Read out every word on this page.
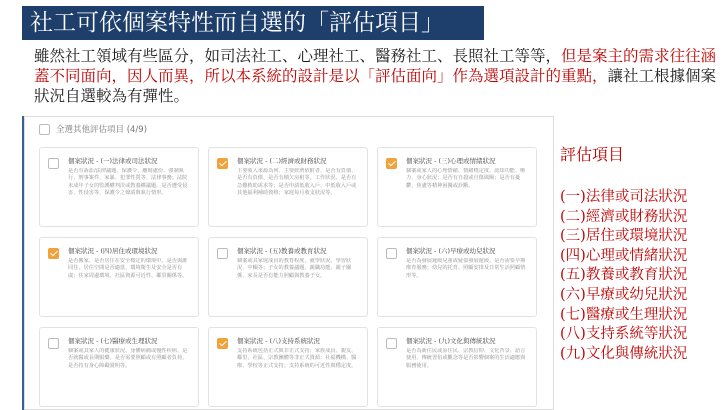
社工可依個案特性而自選的「評估項目」
雖然社工領域有些區分，如司法社工、心理社工、醫務社工、長照社工等等，但是案主的需求往往涵蓋不同面向，因人而異，所以本系統的設計是以「評估面向」作為選項設計的重點，讓社工根據個案狀況自選較為有彈性。
全選其他評估項目 (4/9)
個案狀況 - (一)法律或司法狀況
是否有訴訟/法律議題、保護令、離婚處份、強制執行、刑事案件、家暴、犯罪性質等、法律事務；法院未成年子女的監護權判決或教養權議題。是否遭受侵害、性侵害等、保護令之聲請與執行情形。
個案狀況 - (二)經濟或財務狀況
主要收入來源為何、主要經濟依附者、是否有負債、是否有負債、是否有積欠房租等。工作狀況、是否有急難救助需求等；是否申請低收入戶、中低收入戶或其他福利補助資格；家庭每月收支狀況等。
個案狀況 - (三)心理或情緒狀況
個案或家人的心理情緒、情緒穩定度、認知功能、壓力、身心狀況；是否有自殺或自傷風險；是否有憂鬱、焦慮等精神困擾或診斷。
個案狀況 - (四)居住或環境狀況
是否搬家、是否居住在安全穩定的環境中、是否與誰同住、居住空間是否適當、環境衛生及安全是否有虞；住家周邊環境、社區資源可近性、鄰里關係等。
個案狀況 - (五)教養或教育狀況
個案或其家庭成員的教育程度、就學狀況、學習狀況、中輟等；子女的教養議題、親職功能、親子關係、家長是否有能力照顧與教養子女。
個案狀況 - (六)早療或幼兒狀況
是否為發展遲緩兒童或疑似發展遲緩、是否需要早期療育服務；幼兒的托育、照顧安排及日常生活照顧情形等。
個案狀況 - (七)醫療或生理狀況
個案或其家人的健康狀況、身體病痛或慢性疾病、是否就醫或長期服藥、是否需要照顧或有照顧者負荷、是否持有身心障礙證明等。
個案狀況 - (八)支持系統狀況
支持系統包括正式與非正式支持；家族成員、親友、鄰里、社區、宗教團體等非正式資源；社福機構、醫療、學校等正式支持；支持系統的可近性與穩定度。
個案狀況 - (九)文化與傳統狀況
是否為新住民或原住民、宗教信仰、文化背景、語言使用、傳統習俗或觀念等是否影響個案的生活適應與服務使用。
評估項目
(一)法律或司法狀況
(二)經濟或財務狀況
(三)居住或環境狀況
(四)心理或情緒狀況
(五)教養或教育狀況
(六)早療或幼兒狀況
(七)醫療或生理狀況
(八)支持系統等狀況
(九)文化與傳統狀況
